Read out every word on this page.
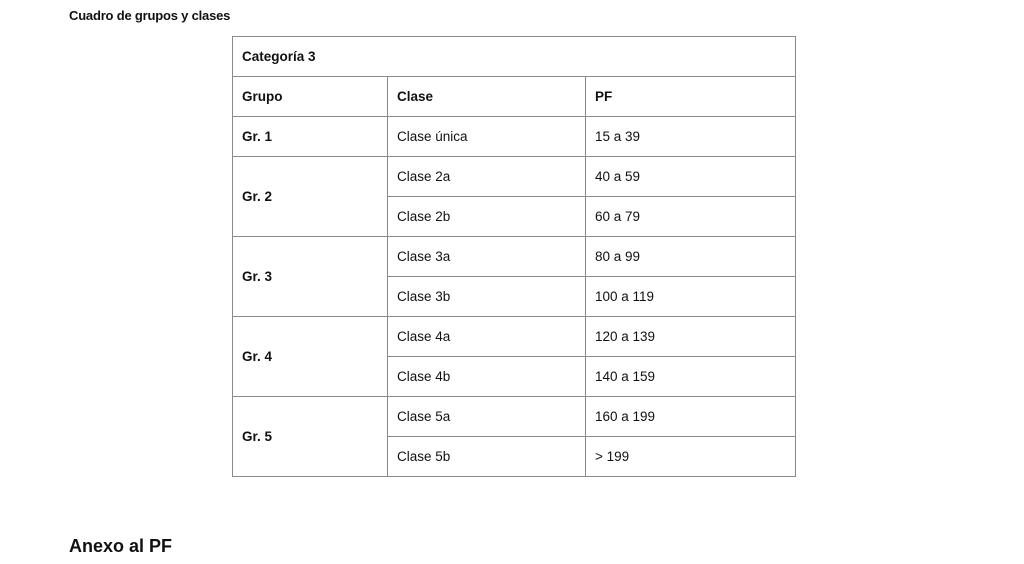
Cuadro de grupos y clases
Categoría 3		
Grupo	Clase	PF
Gr. 1	Clase única	15 a 39
Gr. 2	Clase 2a	40 a 59
	Clase 2b	60 a 79
Gr. 3	Clase 3a	80 a 99
	Clase 3b	100 a 119
Gr. 4	Clase 4a	120 a 139
	Clase 4b	140 a 159
Gr. 5	Clase 5a	160 a 199
	Clase 5b	> 199
Anexo al PF
